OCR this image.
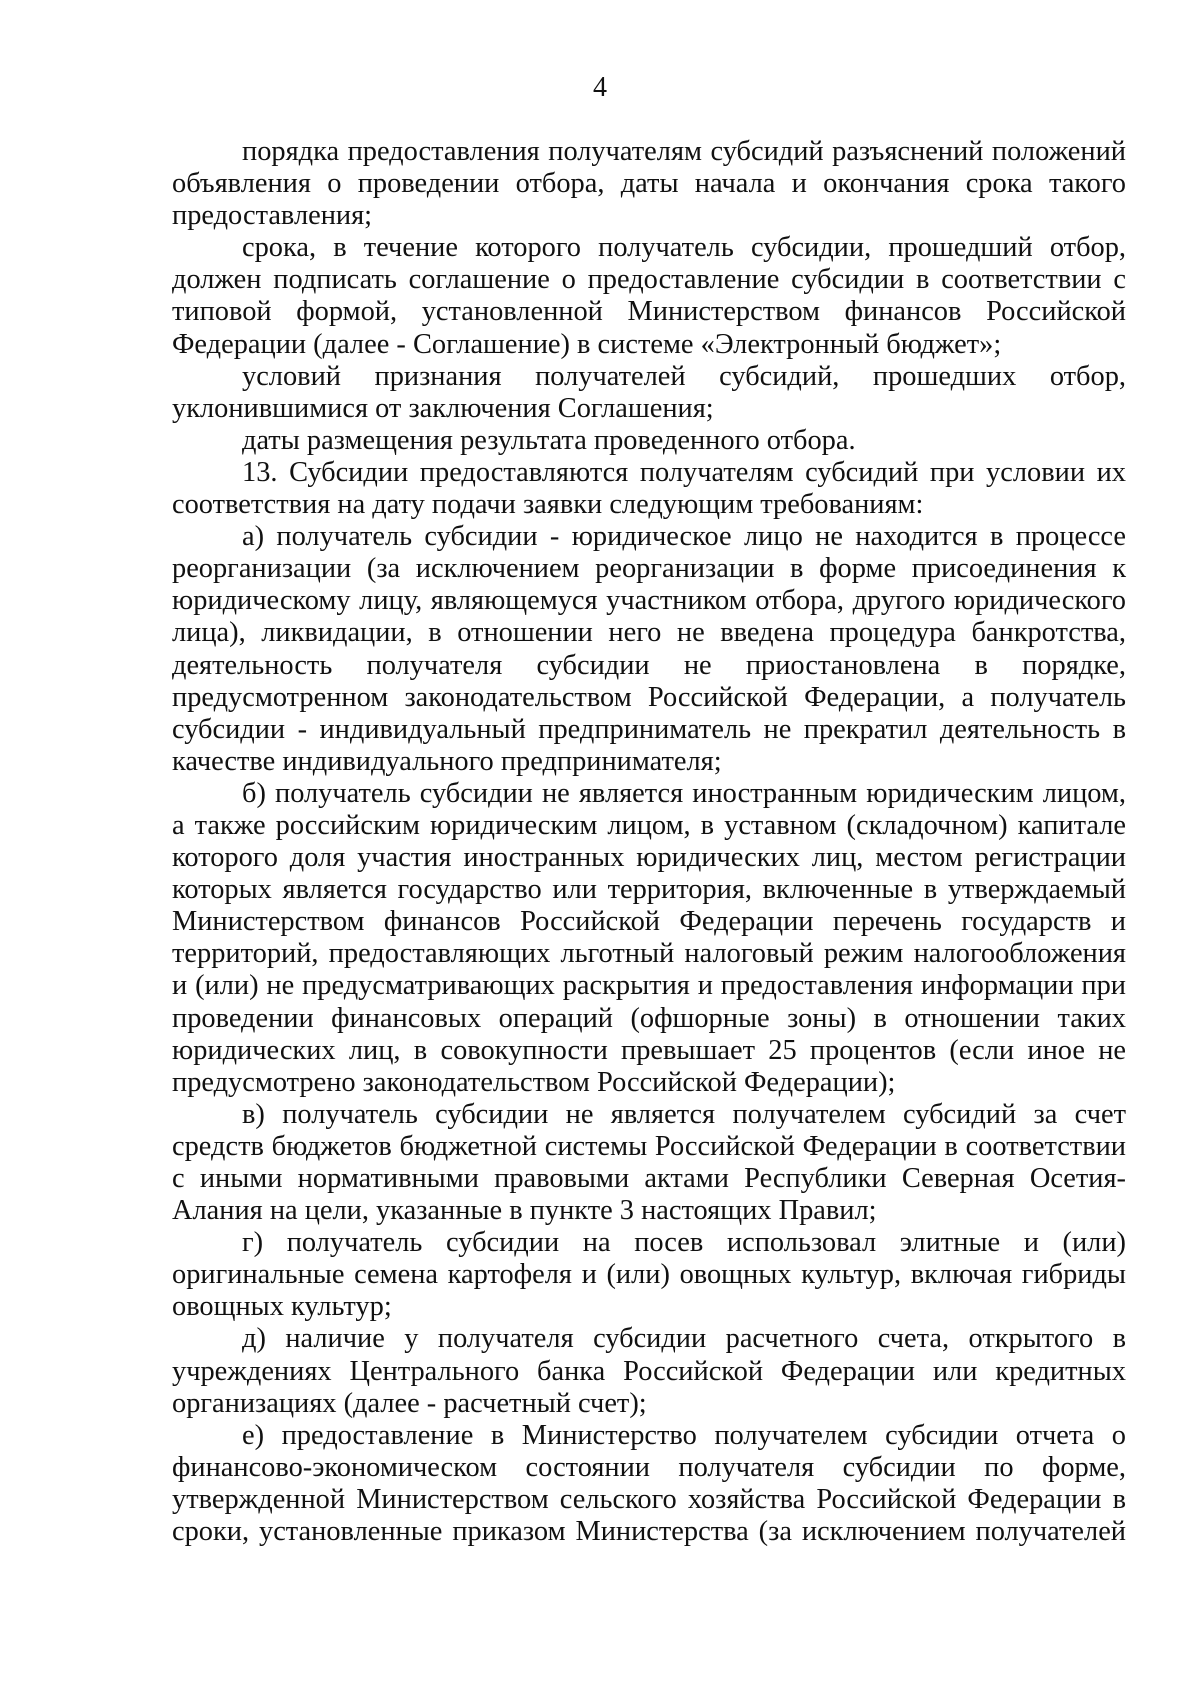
4

порядка предоставления получателям субсидий разъяснений положений объявления о проведении отбора, даты начала и окончания срока такого предоставления;

срока, в течение которого получатель субсидии, прошедший отбор, должен подписать соглашение о предоставление субсидии в соответствии с типовой формой, установленной Министерством финансов Российской Федерации (далее - Соглашение) в системе «Электронный бюджет»;

условий признания получателей субсидий, прошедших отбор, уклонившимися от заключения Соглашения;

даты размещения результата проведенного отбора.

13. Субсидии предоставляются получателям субсидий при условии их соответствия на дату подачи заявки следующим требованиям:

а) получатель субсидии - юридическое лицо не находится в процессе реорганизации (за исключением реорганизации в форме присоединения к юридическому лицу, являющемуся участником отбора, другого юридического лица), ликвидации, в отношении него не введена процедура банкротства, деятельность получателя субсидии не приостановлена в порядке, предусмотренном законодательством Российской Федерации, а получатель субсидии - индивидуальный предприниматель не прекратил деятельность в качестве индивидуального предпринимателя;

б) получатель субсидии не является иностранным юридическим лицом, а также российским юридическим лицом, в уставном (складочном) капитале которого доля участия иностранных юридических лиц, местом регистрации которых является государство или территория, включенные в утверждаемый Министерством финансов Российской Федерации перечень государств и территорий, предоставляющих льготный налоговый режим налогообложения и (или) не предусматривающих раскрытия и предоставления информации при проведении финансовых операций (офшорные зоны) в отношении таких юридических лиц, в совокупности превышает 25 процентов (если иное не предусмотрено законодательством Российской Федерации);

в) получатель субсидии не является получателем субсидий за счет средств бюджетов бюджетной системы Российской Федерации в соответствии с иными нормативными правовыми актами Республики Северная Осетия-Алания на цели, указанные в пункте 3 настоящих Правил;

г) получатель субсидии на посев использовал элитные и (или) оригинальные семена картофеля и (или) овощных культур, включая гибриды овощных культур;

д) наличие у получателя субсидии расчетного счета, открытого в учреждениях Центрального банка Российской Федерации или кредитных организациях (далее - расчетный счет);

е) предоставление в Министерство получателем субсидии отчета о финансово-экономическом состоянии получателя субсидии по форме, утвержденной Министерством сельского хозяйства Российской Федерации в сроки, установленные приказом Министерства (за исключением получателей
